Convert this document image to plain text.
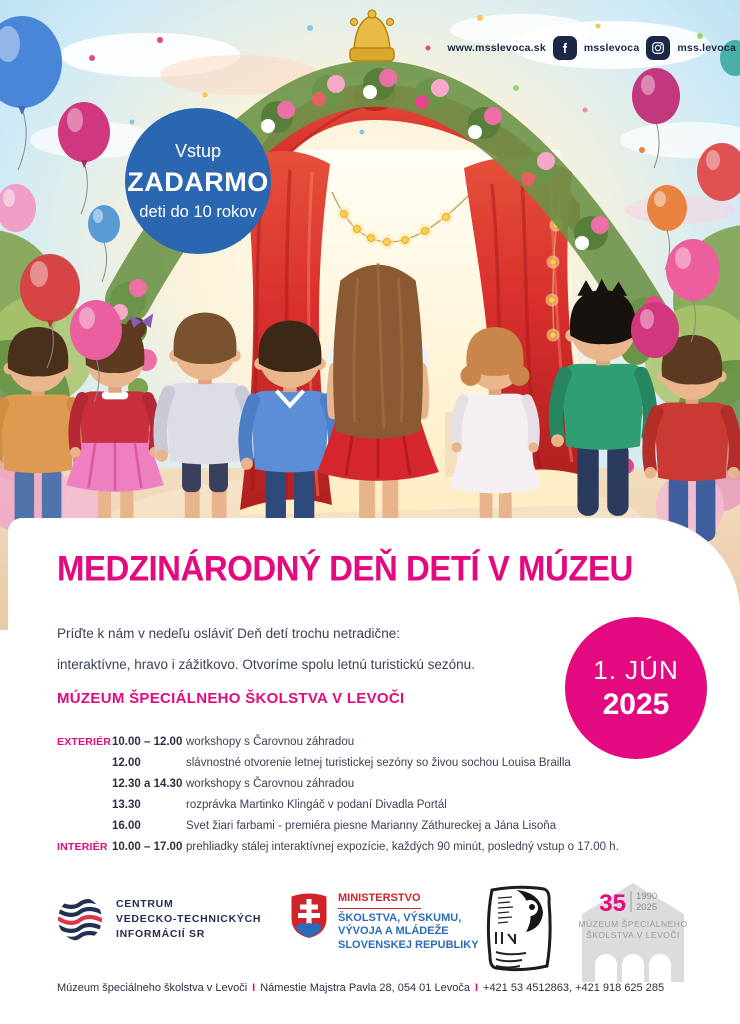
www.msslevoca.sk	msslevoca	mss.levoca
Vstup
ZADARMO
deti do 10 rokov
MEDZINÁRODNÝ DEŇ DETÍ V MÚZEU
Príďte k nám v nedeľu osláviť Deň detí trochu netradične:
interaktívne, hravo i zážitkovo. Otvoríme spolu letnú turistickú sezónu.	1. JÚN
2025
MÚZEUM ŠPECIÁLNEHO ŠKOLSTVA V LEVOČI
EXTERIÉR 10.00 – 12.00 workshopy s Čarovnou záhradou
12.00	slávnostné otvorenie letnej turistickej sezóny so živou sochou Louisa Brailla
12.30 a 14.30 workshopy s Čarovnou záhradou
13.30	rozprávka Martinko Klingáč v podaní Divadla Portál
16.00	Svet žiari farbami - premiéra piesne Marianny Záthureckej a Jána Lisoňa
INTERIÉR 10.00 – 17.00 prehliadky stálej interaktívnej expozície, každých 90 minút, posledný vstup o 17.00 h.
CENTRUM
VEDECKO-TECHNICKÝCH
INFORMÁCIÍ SR
MINISTERSTVO
ŠKOLSTVA, VÝSKUMU,
VÝVOJA A MLÁDEŽE
SLOVENSKEJ REPUBLIKY
35 1990
2025
MÚZEUM ŠPECIÁLNEHO
ŠKOLSTVA V LEVOČI
Múzeum špeciálneho školstva v Levoči I Námestie Majstra Pavla 28, 054 01 Levoča I +421 53 4512863, +421 918 625 285
